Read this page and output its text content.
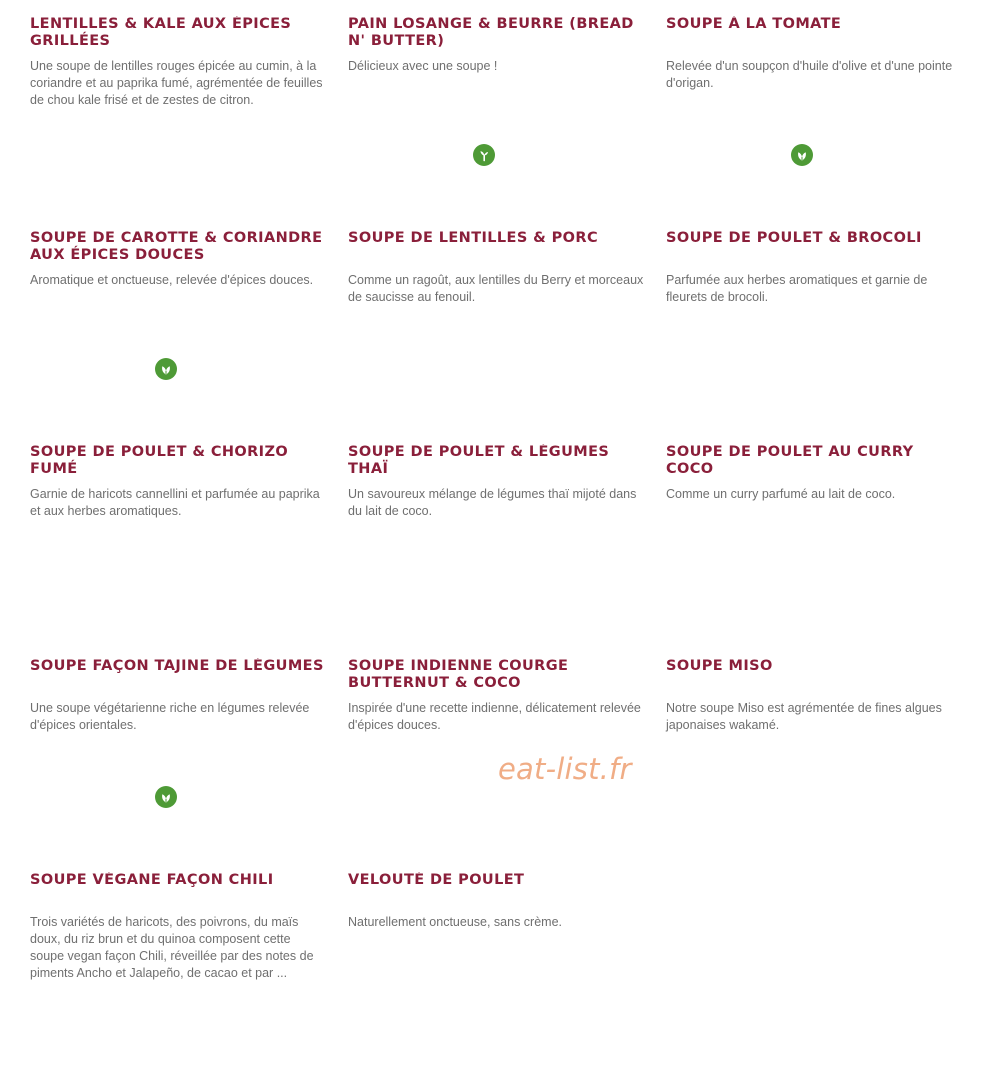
LENTILLES & KALE AUX ÉPICES GRILLÉES

Une soupe de lentilles rouges épicée au cumin, à la coriandre et au paprika fumé, agrémentée de feuilles de chou kale frisé et de zestes de citron.

PAIN LOSANGE & BEURRE (BREAD N' BUTTER)

Délicieux avec une soupe !

SOUPE À LA TOMATE

Relevée d'un soupçon d'huile d'olive et d'une pointe d'origan.

SOUPE DE CAROTTE & CORIANDRE AUX ÉPICES DOUCES

Aromatique et onctueuse, relevée d'épices douces.

SOUPE DE LENTILLES & PORC

Comme un ragoût, aux lentilles du Berry et morceaux de saucisse au fenouil.

SOUPE DE POULET & BROCOLI

Parfumée aux herbes aromatiques et garnie de fleurets de brocoli.

SOUPE DE POULET & CHORIZO FUMÉ

Garnie de haricots cannellini et parfumée au paprika et aux herbes aromatiques.

SOUPE DE POULET & LÉGUMES THAÏ

Un savoureux mélange de légumes thaï mijoté dans du lait de coco.

SOUPE DE POULET AU CURRY COCO

Comme un curry parfumé au lait de coco.

SOUPE FAÇON TAJINE DE LÉGUMES

Une soupe végétarienne riche en légumes relevée d'épices orientales.

SOUPE INDIENNE COURGE BUTTERNUT & COCO

Inspirée d'une recette indienne, délicatement relevée d'épices douces.

SOUPE MISO

Notre soupe Miso est agrémentée de fines algues japonaises wakamé.

SOUPE VÉGANE FAÇON CHILI

Trois variétés de haricots, des poivrons, du maïs doux, du riz brun et du quinoa composent cette soupe vegan façon Chili, réveillée par des notes de piments Ancho et Jalapeño, de cacao et par ...

VELOUTÉ DE POULET

Naturellement onctueuse, sans crème.

eat-list.fr
